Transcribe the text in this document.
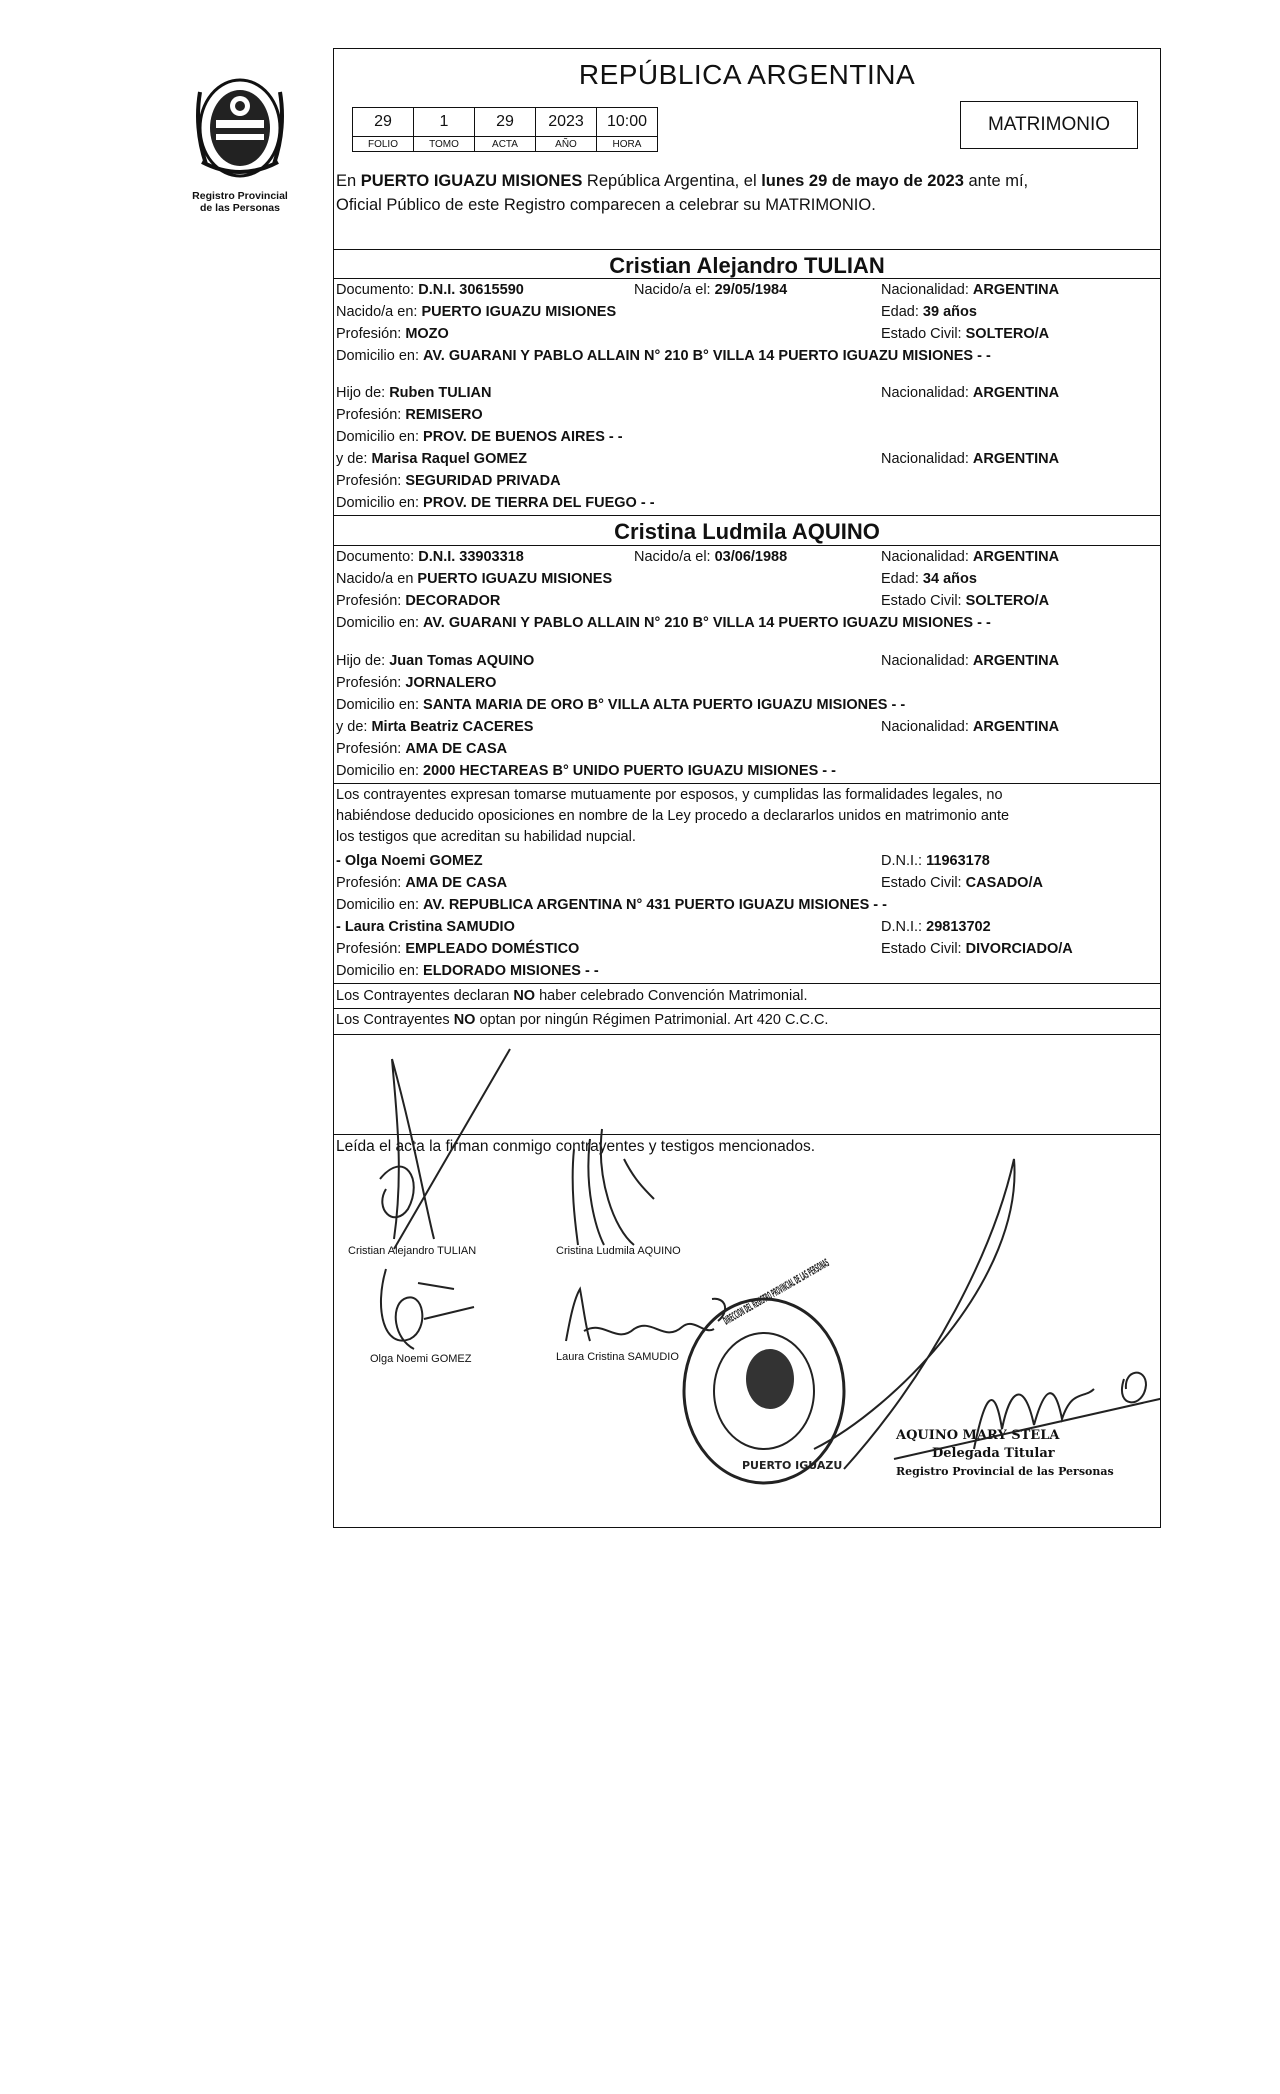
Registro Provincial
de las Personas
REPÚBLICA ARGENTINA
29	1	29	2023	10:00
FOLIO	TOMO	ACTA	AÑO	HORA
MATRIMONIO
En PUERTO IGUAZU MISIONES República Argentina, el lunes 29 de mayo de 2023 ante mí,
Oficial Público de este Registro comparecen a celebrar su MATRIMONIO.
Cristian Alejandro TULIAN
Documento: D.N.I. 30615590	Nacido/a el: 29/05/1984	Nacionalidad: ARGENTINA
Nacido/a en: PUERTO IGUAZU MISIONES	Edad: 39 años
Profesión: MOZO	Estado Civil: SOLTERO/A
Domicilio en: AV. GUARANI Y PABLO ALLAIN N° 210 B° VILLA 14 PUERTO IGUAZU MISIONES - -
Hijo de: Ruben TULIAN	Nacionalidad: ARGENTINA
Profesión: REMISERO
Domicilio en: PROV. DE BUENOS AIRES - -
y de: Marisa Raquel GOMEZ	Nacionalidad: ARGENTINA
Profesión: SEGURIDAD PRIVADA
Domicilio en: PROV. DE TIERRA DEL FUEGO - -
Cristina Ludmila AQUINO
Documento: D.N.I. 33903318	Nacido/a el: 03/06/1988	Nacionalidad: ARGENTINA
Nacido/a en PUERTO IGUAZU MISIONES	Edad: 34 años
Profesión: DECORADOR	Estado Civil: SOLTERO/A
Domicilio en: AV. GUARANI Y PABLO ALLAIN N° 210 B° VILLA 14 PUERTO IGUAZU MISIONES - -
Hijo de: Juan Tomas AQUINO	Nacionalidad: ARGENTINA
Profesión: JORNALERO
Domicilio en: SANTA MARIA DE ORO B° VILLA ALTA PUERTO IGUAZU MISIONES - -
y de: Mirta Beatriz CACERES	Nacionalidad: ARGENTINA
Profesión: AMA DE CASA
Domicilio en: 2000 HECTAREAS B° UNIDO PUERTO IGUAZU MISIONES - -
Los contrayentes expresan tomarse mutuamente por esposos, y cumplidas las formalidades legales, no
habiéndose deducido oposiciones en nombre de la Ley procedo a declararlos unidos en matrimonio ante
los testigos que acreditan su habilidad nupcial.
- Olga Noemi GOMEZ	D.N.I.: 11963178
Profesión: AMA DE CASA	Estado Civil: CASADO/A
Domicilio en: AV. REPUBLICA ARGENTINA N° 431 PUERTO IGUAZU MISIONES - -
- Laura Cristina SAMUDIO	D.N.I.: 29813702
Profesión: EMPLEADO DOMÉSTICO	Estado Civil: DIVORCIADO/A
Domicilio en: ELDORADO MISIONES - -
Los Contrayentes declaran NO haber celebrado Convención Matrimonial.
Los Contrayentes NO optan por ningún Régimen Patrimonial. Art 420 C.C.C.
Leída el acta la firman conmigo contrayentes y testigos mencionados.
Cristian Alejandro TULIAN	Cristina Ludmila AQUINO
Olga Noemi GOMEZ	Laura Cristina SAMUDIO
AQUINO MARY STELA
Delegada Titular
Registro Provincial de las Personas
DIRECCION DEL REGISTRO PROVINCIAL DE LAS PERSONAS
PUERTO IGUAZU
